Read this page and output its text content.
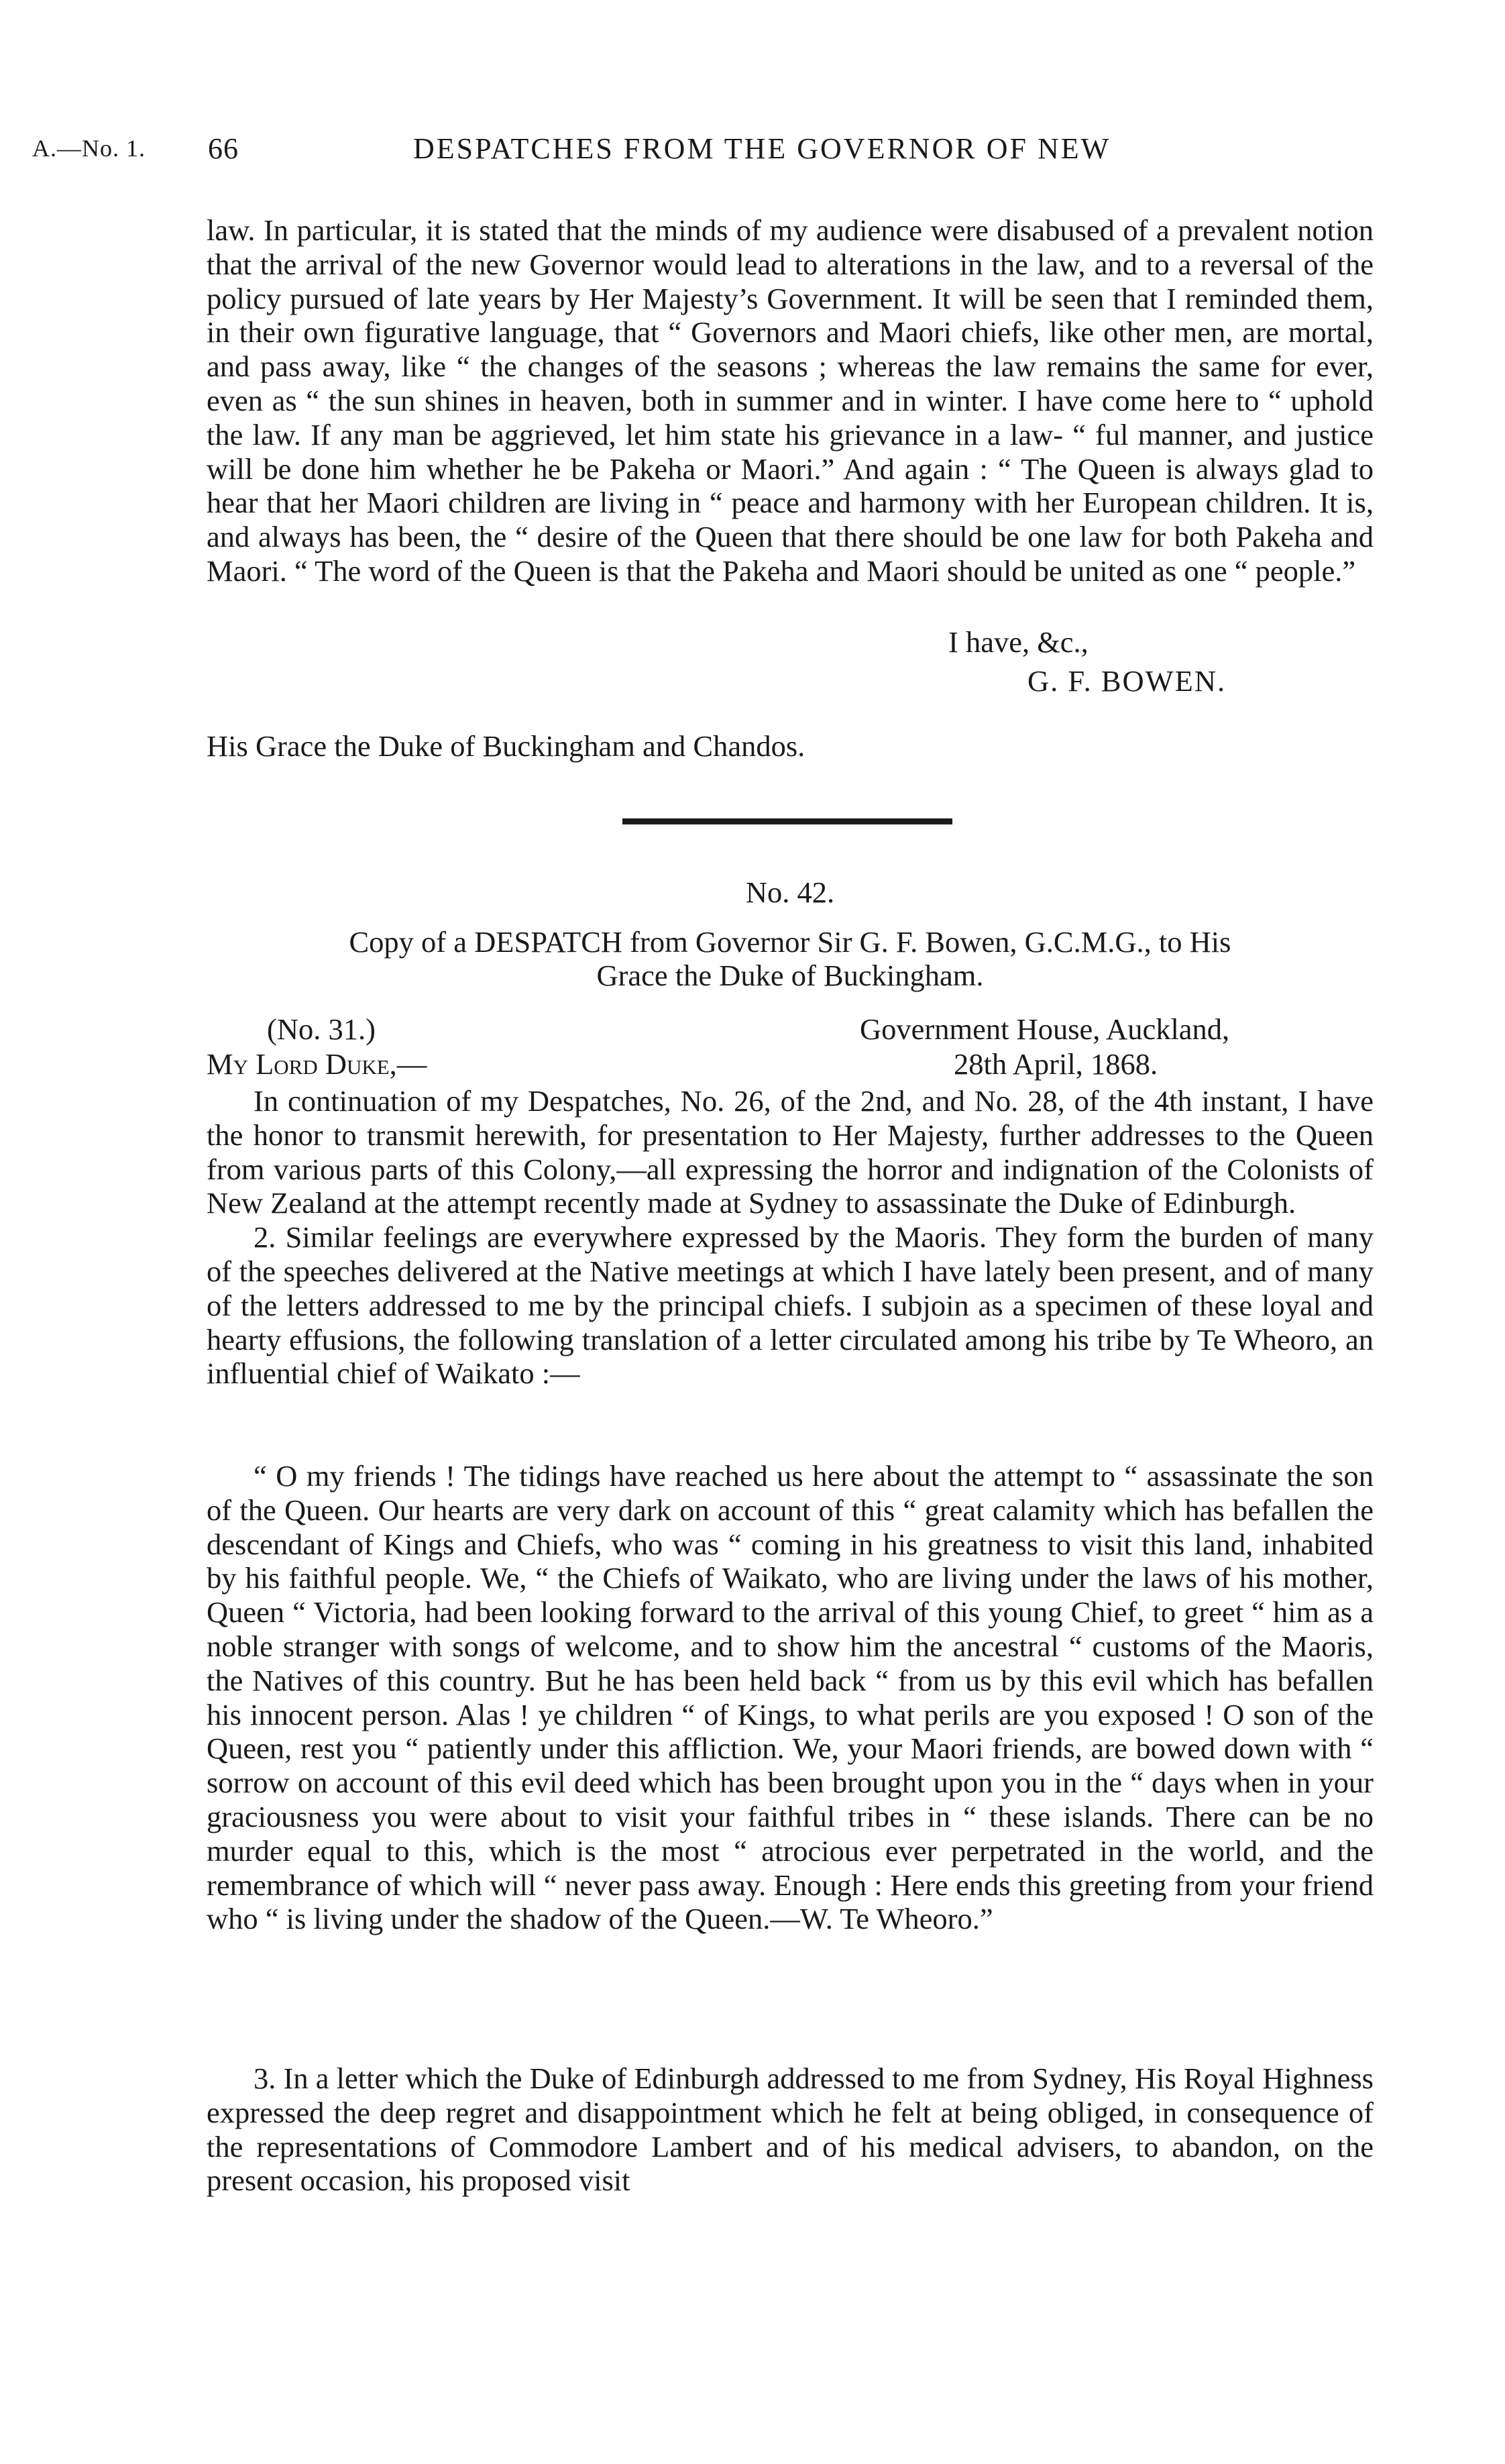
A.—No. 1. 66	DESPATCHES FROM THE GOVERNOR OF NEW

law. In particular, it is stated that the minds of my audience were disabused of a prevalent notion that the arrival of the new Governor would lead to alterations in the law, and to a reversal of the policy pursued of late years by Her Majesty’s Government. It will be seen that I reminded them, in their own figurative language, that “ Governors and Maori chiefs, like other men, are mortal, and pass away, like “ the changes of the seasons ; whereas the law remains the same for ever, even as “ the sun shines in heaven, both in summer and in winter. I have come here to “ uphold the law. If any man be aggrieved, let him state his grievance in a law- “ ful manner, and justice will be done him whether he be Pakeha or Maori.” And again : “ The Queen is always glad to hear that her Maori children are living in “ peace and harmony with her European children. It is, and always has been, the “ desire of the Queen that there should be one law for both Pakeha and Maori. “ The word of the Queen is that the Pakeha and Maori should be united as one “ people.”

I have, &c.,
G. F. BOWEN.
His Grace the Duke of Buckingham and Chandos.
No. 42.
Copy of a DESPATCH from Governor Sir G. F. Bowen, G.C.M.G., to His
Grace the Duke of Buckingham.
(No. 31.)	Government House, Auckland,
My Lord Duke,—	28th April, 1868.

In continuation of my Despatches, No. 26, of the 2nd, and No. 28, of the 4th instant, I have the honor to transmit herewith, for presentation to Her Majesty, further addresses to the Queen from various parts of this Colony,—all expressing the horror and indignation of the Colonists of New Zealand at the attempt recently made at Sydney to assassinate the Duke of Edinburgh.

2. Similar feelings are everywhere expressed by the Maoris. They form the burden of many of the speeches delivered at the Native meetings at which I have lately been present, and of many of the letters addressed to me by the principal chiefs. I subjoin as a specimen of these loyal and hearty effusions, the following translation of a letter circulated among his tribe by Te Wheoro, an influential chief of Waikato :—

“ O my friends ! The tidings have reached us here about the attempt to “ assassinate the son of the Queen. Our hearts are very dark on account of this “ great calamity which has befallen the descendant of Kings and Chiefs, who was “ coming in his greatness to visit this land, inhabited by his faithful people. We, “ the Chiefs of Waikato, who are living under the laws of his mother, Queen “ Victoria, had been looking forward to the arrival of this young Chief, to greet “ him as a noble stranger with songs of welcome, and to show him the ancestral “ customs of the Maoris, the Natives of this country. But he has been held back “ from us by this evil which has befallen his innocent person. Alas ! ye children “ of Kings, to what perils are you exposed ! O son of the Queen, rest you “ patiently under this affliction. We, your Maori friends, are bowed down with “ sorrow on account of this evil deed which has been brought upon you in the “ days when in your graciousness you were about to visit your faithful tribes in “ these islands. There can be no murder equal to this, which is the most “ atrocious ever perpetrated in the world, and the remembrance of which will “ never pass away. Enough : Here ends this greeting from your friend who “ is living under the shadow of the Queen.—W. Te Wheoro.”

3. In a letter which the Duke of Edinburgh addressed to me from Sydney, His Royal Highness expressed the deep regret and disappointment which he felt at being obliged, in consequence of the representations of Commodore Lambert and of his medical advisers, to abandon, on the present occasion, his proposed visit
